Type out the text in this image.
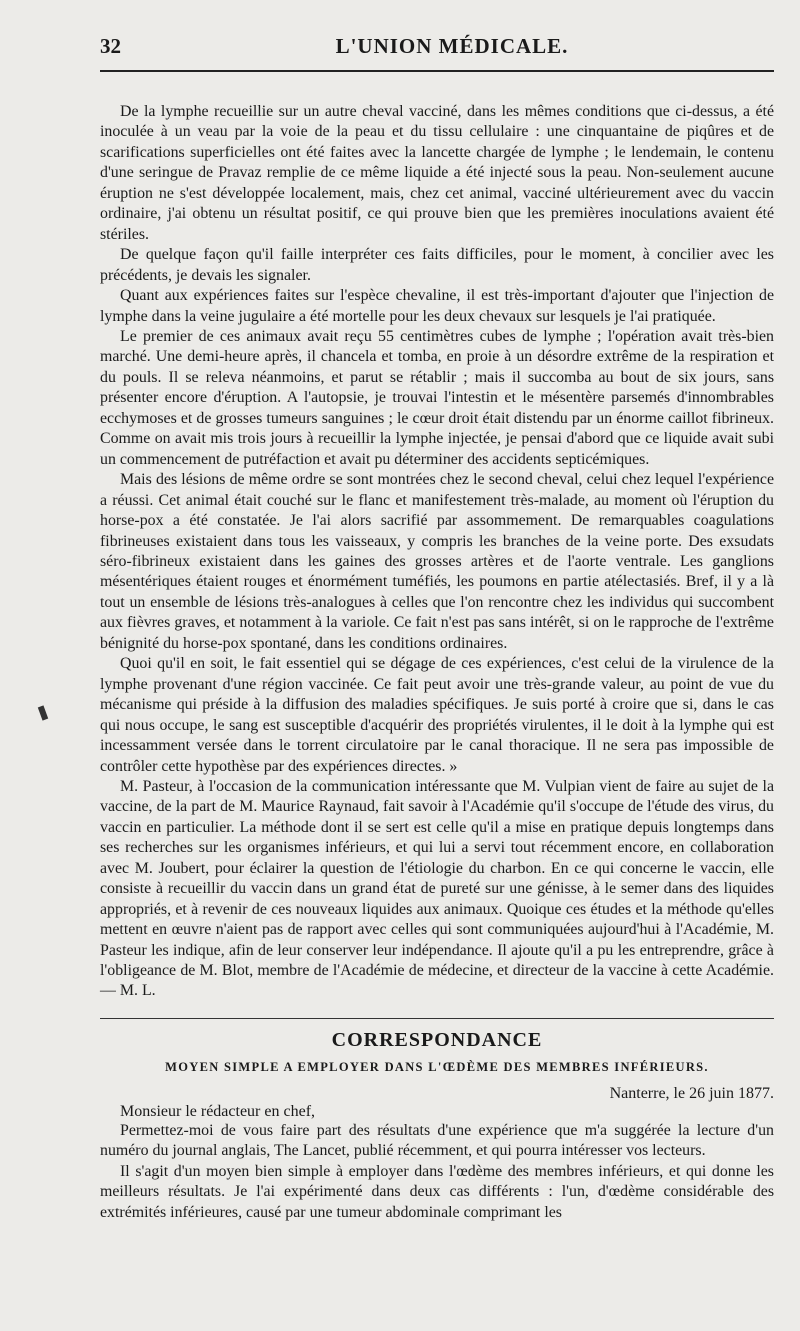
32	L'UNION MÉDICALE.

De la lymphe recueillie sur un autre cheval vacciné, dans les mêmes conditions que ci-dessus, a été inoculée à un veau par la voie de la peau et du tissu cellulaire : une cinquantaine de piqûres et de scarifications superficielles ont été faites avec la lancette chargée de lymphe ; le lendemain, le contenu d'une seringue de Pravaz remplie de ce même liquide a été injecté sous la peau. Non-seulement aucune éruption ne s'est développée localement, mais, chez cet animal, vacciné ultérieurement avec du vaccin ordinaire, j'ai obtenu un résultat positif, ce qui prouve bien que les premières inoculations avaient été stériles.

De quelque façon qu'il faille interpréter ces faits difficiles, pour le moment, à concilier avec les précédents, je devais les signaler.

Quant aux expériences faites sur l'espèce chevaline, il est très-important d'ajouter que l'injection de lymphe dans la veine jugulaire a été mortelle pour les deux chevaux sur lesquels je l'ai pratiquée.

Le premier de ces animaux avait reçu 55 centimètres cubes de lymphe ; l'opération avait très-bien marché. Une demi-heure après, il chancela et tomba, en proie à un désordre extrême de la respiration et du pouls. Il se releva néanmoins, et parut se rétablir ; mais il succomba au bout de six jours, sans présenter encore d'éruption. A l'autopsie, je trouvai l'intestin et le mésentère parsemés d'innombrables ecchymoses et de grosses tumeurs sanguines ; le cœur droit était distendu par un énorme caillot fibrineux. Comme on avait mis trois jours à recueillir la lymphe injectée, je pensai d'abord que ce liquide avait subi un commencement de putréfaction et avait pu déterminer des accidents septicémiques.

Mais des lésions de même ordre se sont montrées chez le second cheval, celui chez lequel l'expérience a réussi. Cet animal était couché sur le flanc et manifestement très-malade, au moment où l'éruption du horse-pox a été constatée. Je l'ai alors sacrifié par assommement. De remarquables coagulations fibrineuses existaient dans tous les vaisseaux, y compris les branches de la veine porte. Des exsudats séro-fibrineux existaient dans les gaines des grosses artères et de l'aorte ventrale. Les ganglions mésentériques étaient rouges et énormément tuméfiés, les poumons en partie atélectasiés. Bref, il y a là tout un ensemble de lésions très-analogues à celles que l'on rencontre chez les individus qui succombent aux fièvres graves, et notamment à la variole. Ce fait n'est pas sans intérêt, si on le rapproche de l'extrême bénignité du horse-pox spontané, dans les conditions ordinaires.

Quoi qu'il en soit, le fait essentiel qui se dégage de ces expériences, c'est celui de la virulence de la lymphe provenant d'une région vaccinée. Ce fait peut avoir une très-grande valeur, au point de vue du mécanisme qui préside à la diffusion des maladies spécifiques. Je suis porté à croire que si, dans le cas qui nous occupe, le sang est susceptible d'acquérir des propriétés virulentes, il le doit à la lymphe qui est incessamment versée dans le torrent circulatoire par le canal thoracique. Il ne sera pas impossible de contrôler cette hypothèse par des expériences directes. »

M. Pasteur, à l'occasion de la communication intéressante que M. Vulpian vient de faire au sujet de la vaccine, de la part de M. Maurice Raynaud, fait savoir à l'Académie qu'il s'occupe de l'étude des virus, du vaccin en particulier. La méthode dont il se sert est celle qu'il a mise en pratique depuis longtemps dans ses recherches sur les organismes inférieurs, et qui lui a servi tout récemment encore, en collaboration avec M. Joubert, pour éclairer la question de l'étiologie du charbon. En ce qui concerne le vaccin, elle consiste à recueillir du vaccin dans un grand état de pureté sur une génisse, à le semer dans des liquides appropriés, et à revenir de ces nouveaux liquides aux animaux. Quoique ces études et la méthode qu'elles mettent en œuvre n'aient pas de rapport avec celles qui sont communiquées aujourd'hui à l'Académie, M. Pasteur les indique, afin de leur conserver leur indépendance. Il ajoute qu'il a pu les entreprendre, grâce à l'obligeance de M. Blot, membre de l'Académie de médecine, et directeur de la vaccine à cette Académie. — M. L.

CORRESPONDANCE
MOYEN SIMPLE A EMPLOYER DANS L'ŒDÈME DES MEMBRES INFÉRIEURS.

Nanterre, le 26 juin 1877.

Monsieur le rédacteur en chef,

Permettez-moi de vous faire part des résultats d'une expérience que m'a suggérée la lecture d'un numéro du journal anglais, The Lancet, publié récemment, et qui pourra intéresser vos lecteurs.

Il s'agit d'un moyen bien simple à employer dans l'œdème des membres inférieurs, et qui donne les meilleurs résultats. Je l'ai expérimenté dans deux cas différents : l'un, d'œdème considérable des extrémités inférieures, causé par une tumeur abdominale comprimant les
